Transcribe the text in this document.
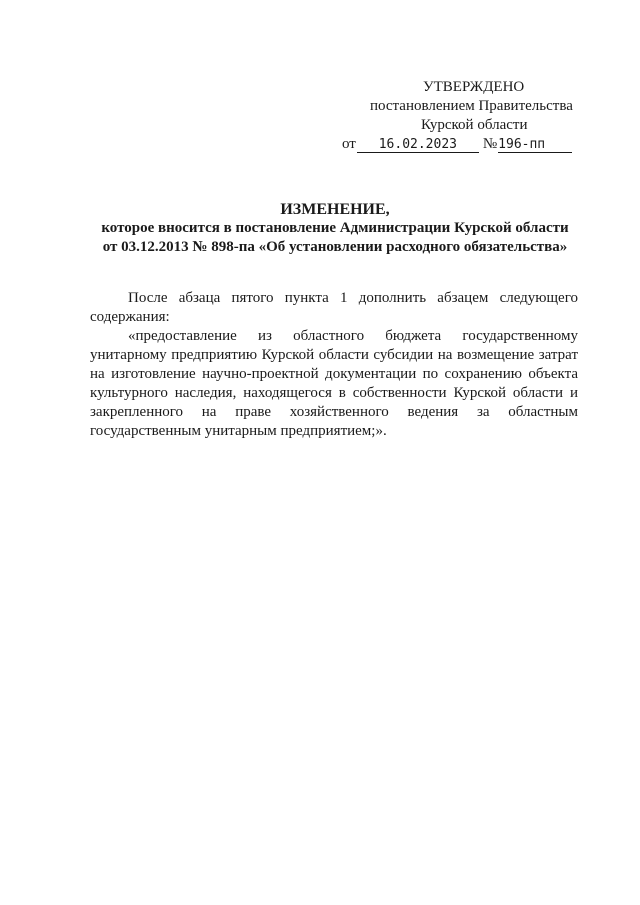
УТВЕРЖДЕНО
постановлением Правительства
Курской области
от 16.02.2023 №196-пп
ИЗМЕНЕНИЕ,
которое вносится в постановление Администрации Курской области
от 03.12.2013 № 898-па «Об установлении расходного обязательства»

После абзаца пятого пункта 1 дополнить абзацем следующего содержания:

«предоставление из областного бюджета государственному унитарному предприятию Курской области субсидии на возмещение затрат на изготовление научно-проектной документации по сохранению объекта культурного наследия, находящегося в собственности Курской области и закрепленного на праве хозяйственного ведения за областным государственным унитарным предприятием;».
